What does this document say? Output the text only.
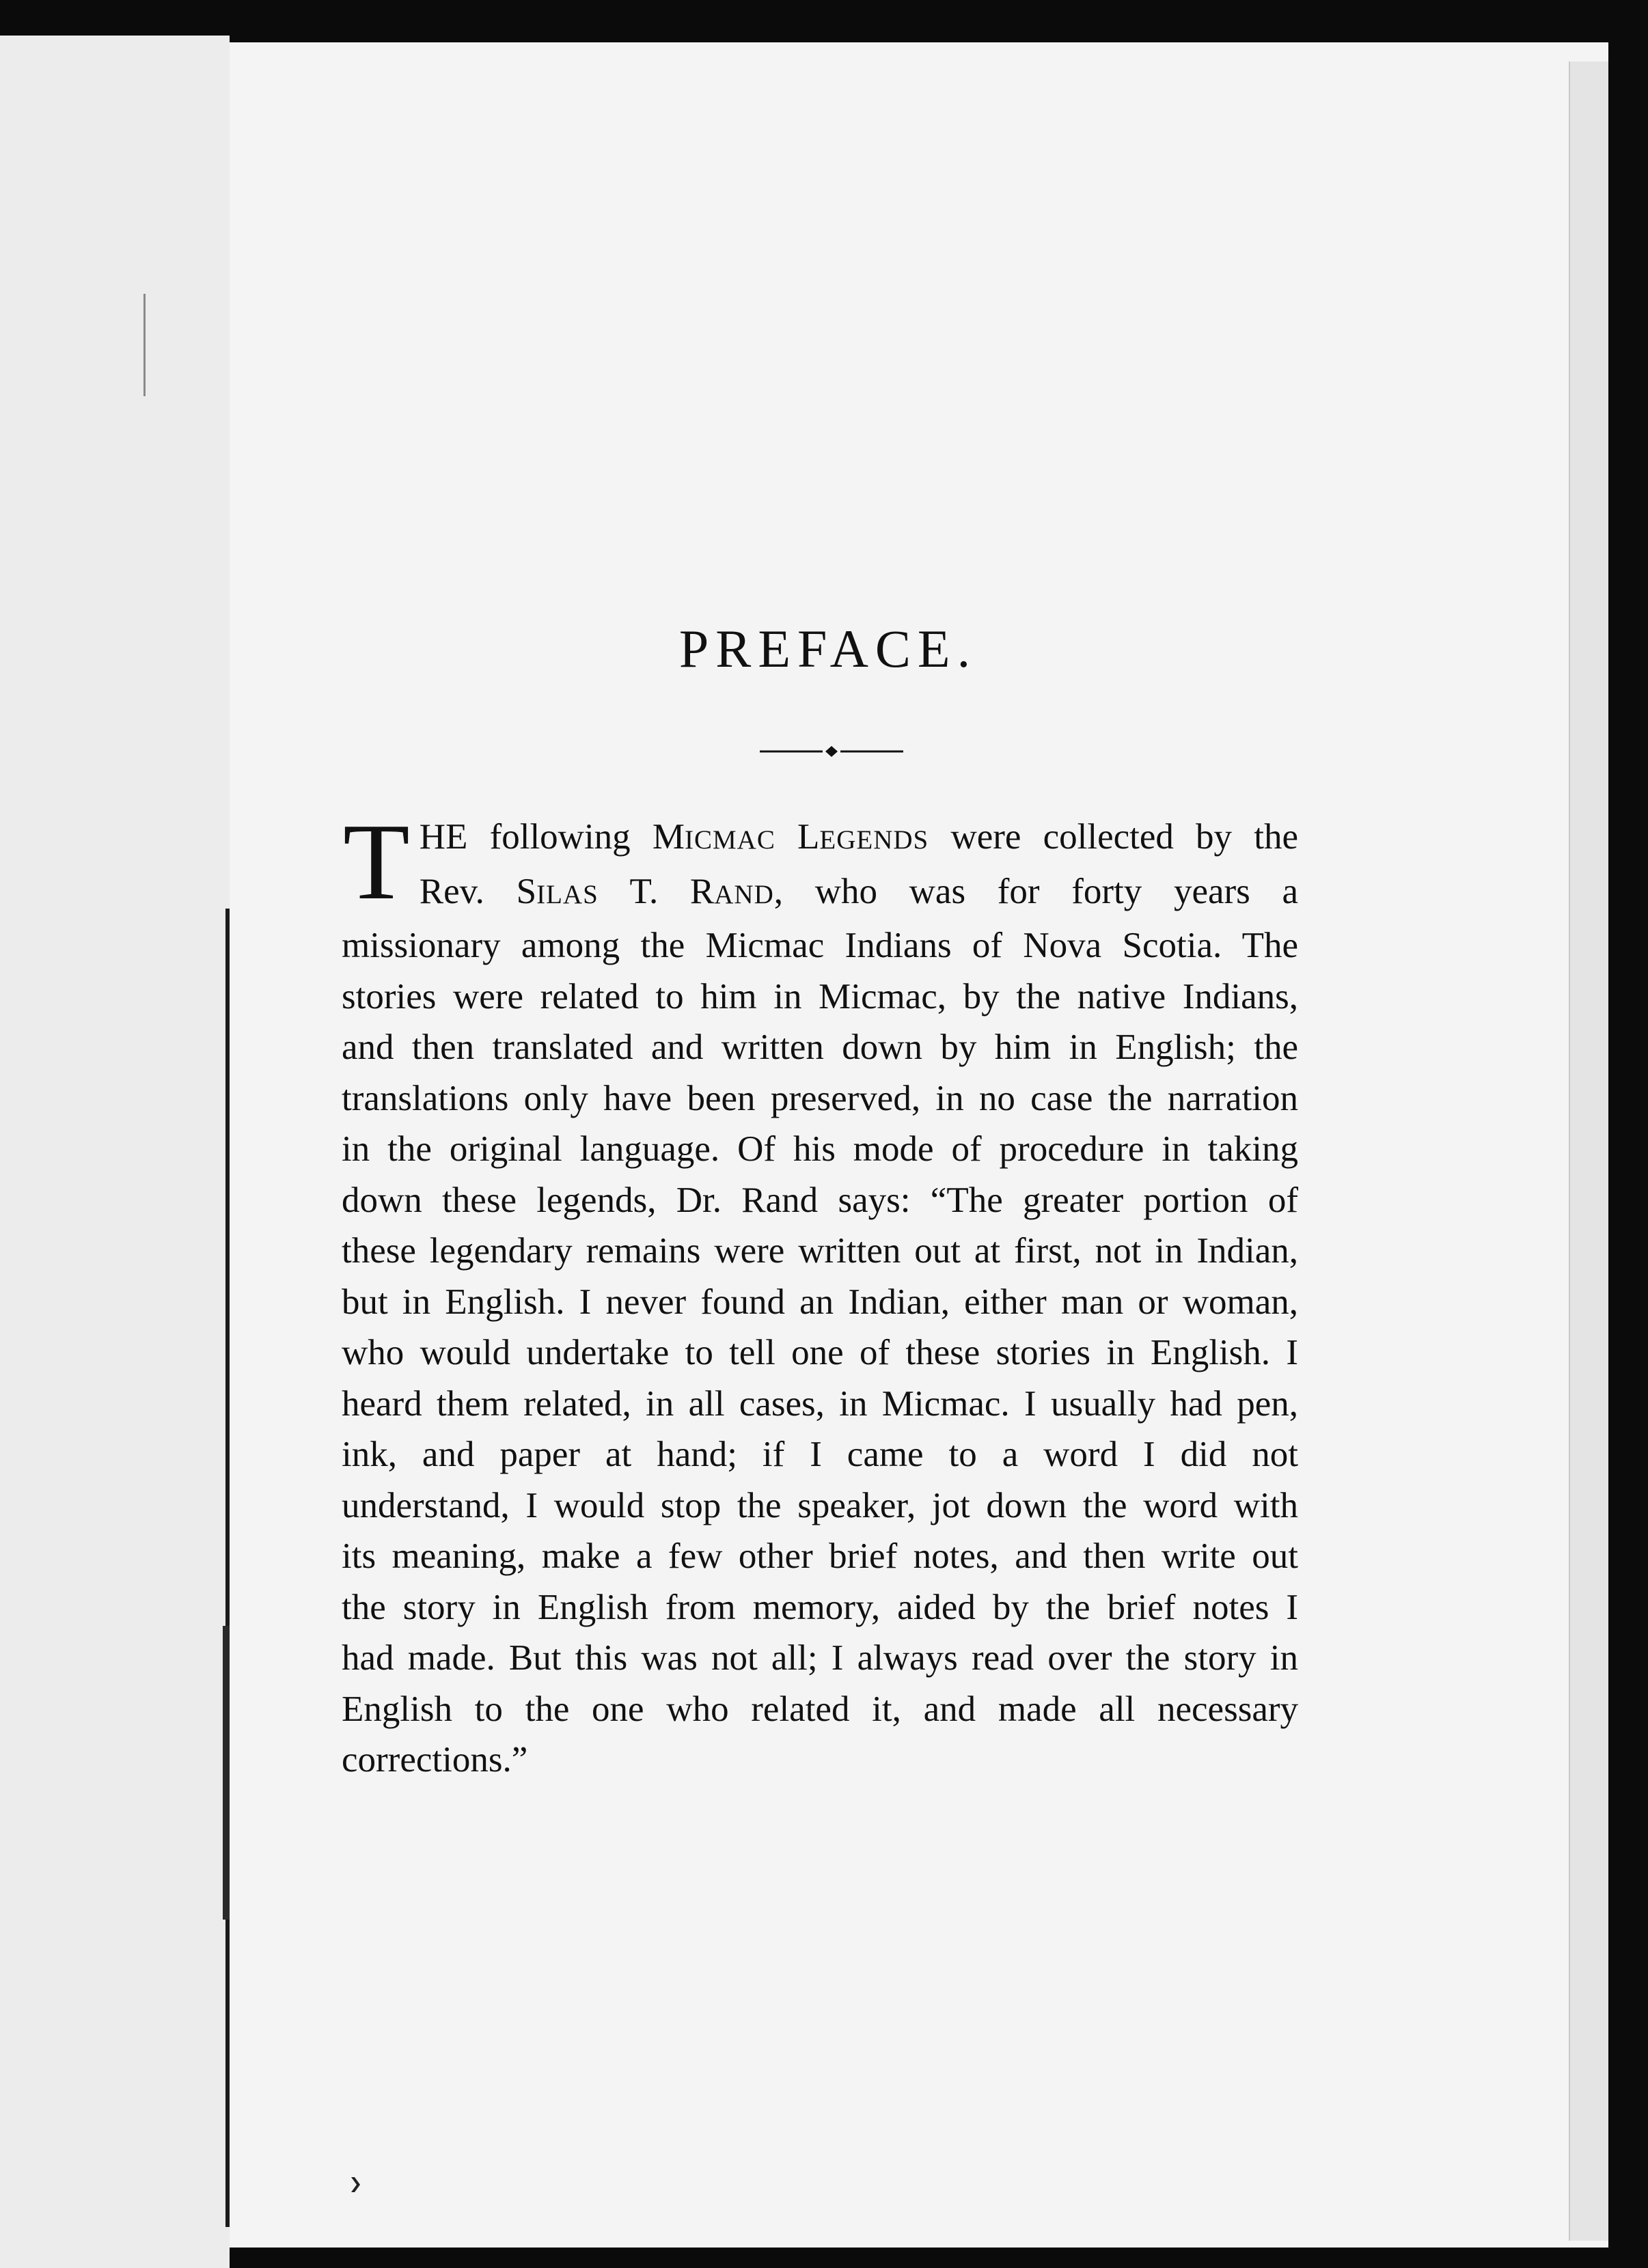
PREFACE.
THE following MICMAC LEGENDS were collected by the Rev. SILAS T. RAND, who was for forty years a missionary among the Micmac Indians of Nova Scotia. The stories were related to him in Micmac, by the native Indians, and then translated and written down by him in English; the translations only have been preserved, in no case the narration in the original language. Of his mode of procedure in taking down these legends, Dr. Rand says: “The greater portion of these legendary remains were written out at first, not in Indian, but in English. I never found an Indian, either man or woman, who would undertake to tell one of these stories in English. I heard them related, in all cases, in Micmac. I usually had pen, ink, and paper at hand; if I came to a word I did not understand, I would stop the speaker, jot down the word with its meaning, make a few other brief notes, and then write out the story in English from memory, aided by the brief notes I had made. But this was not all; I always read over the story in English to the one who related it, and made all necessary corrections.”
